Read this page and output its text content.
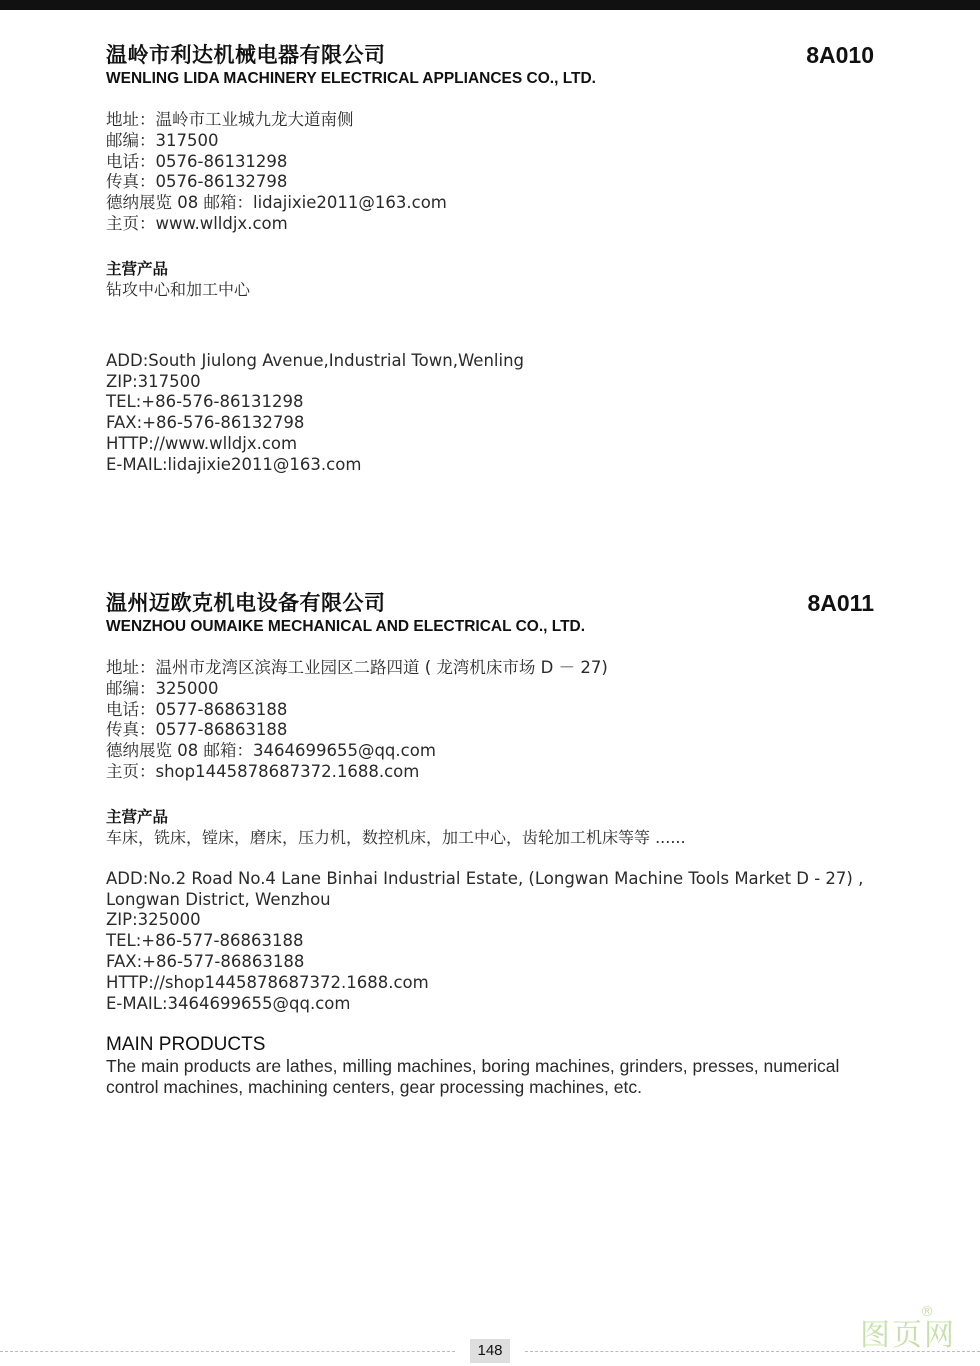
温岭市利达机械电器有限公司	8A010
WENLING LIDA MACHINERY ELECTRICAL APPLIANCES CO., LTD.
地址：温岭市工业城九龙大道南侧
邮编：317500
电话：0576-86131298
传真：0576-86132798
德纳展览 08 邮箱：lidajixie2011@163.com
主页：www.wlldjx.com
主营产品
钻攻中心和加工中心
ADD:South Jiulong Avenue,Industrial Town,Wenling
ZIP:317500
TEL:+86-576-86131298
FAX:+86-576-86132798
HTTP://www.wlldjx.com
E-MAIL:lidajixie2011@163.com
温州迈欧克机电设备有限公司	8A011
WENZHOU OUMAIKE MECHANICAL AND ELECTRICAL CO., LTD.
地址：温州市龙湾区滨海工业园区二路四道 ( 龙湾机床市场 D － 27)
邮编：325000
电话：0577-86863188
传真：0577-86863188
德纳展览 08 邮箱：3464699655@qq.com
主页：shop1445878687372.1688.com
主营产品
车床，铣床，镗床，磨床，压力机，数控机床，加工中心，齿轮加工机床等等 ......
ADD:No.2 Road No.4 Lane Binhai Industrial Estate, (Longwan Machine Tools Market D - 27) , Longwan District, Wenzhou
ZIP:325000
TEL:+86-577-86863188
FAX:+86-577-86863188
HTTP://shop1445878687372.1688.com
E-MAIL:3464699655@qq.com
MAIN PRODUCTS
The main products are lathes, milling machines, boring machines, grinders, presses, numerical control machines, machining centers, gear processing machines, etc.
148	图页网
®
